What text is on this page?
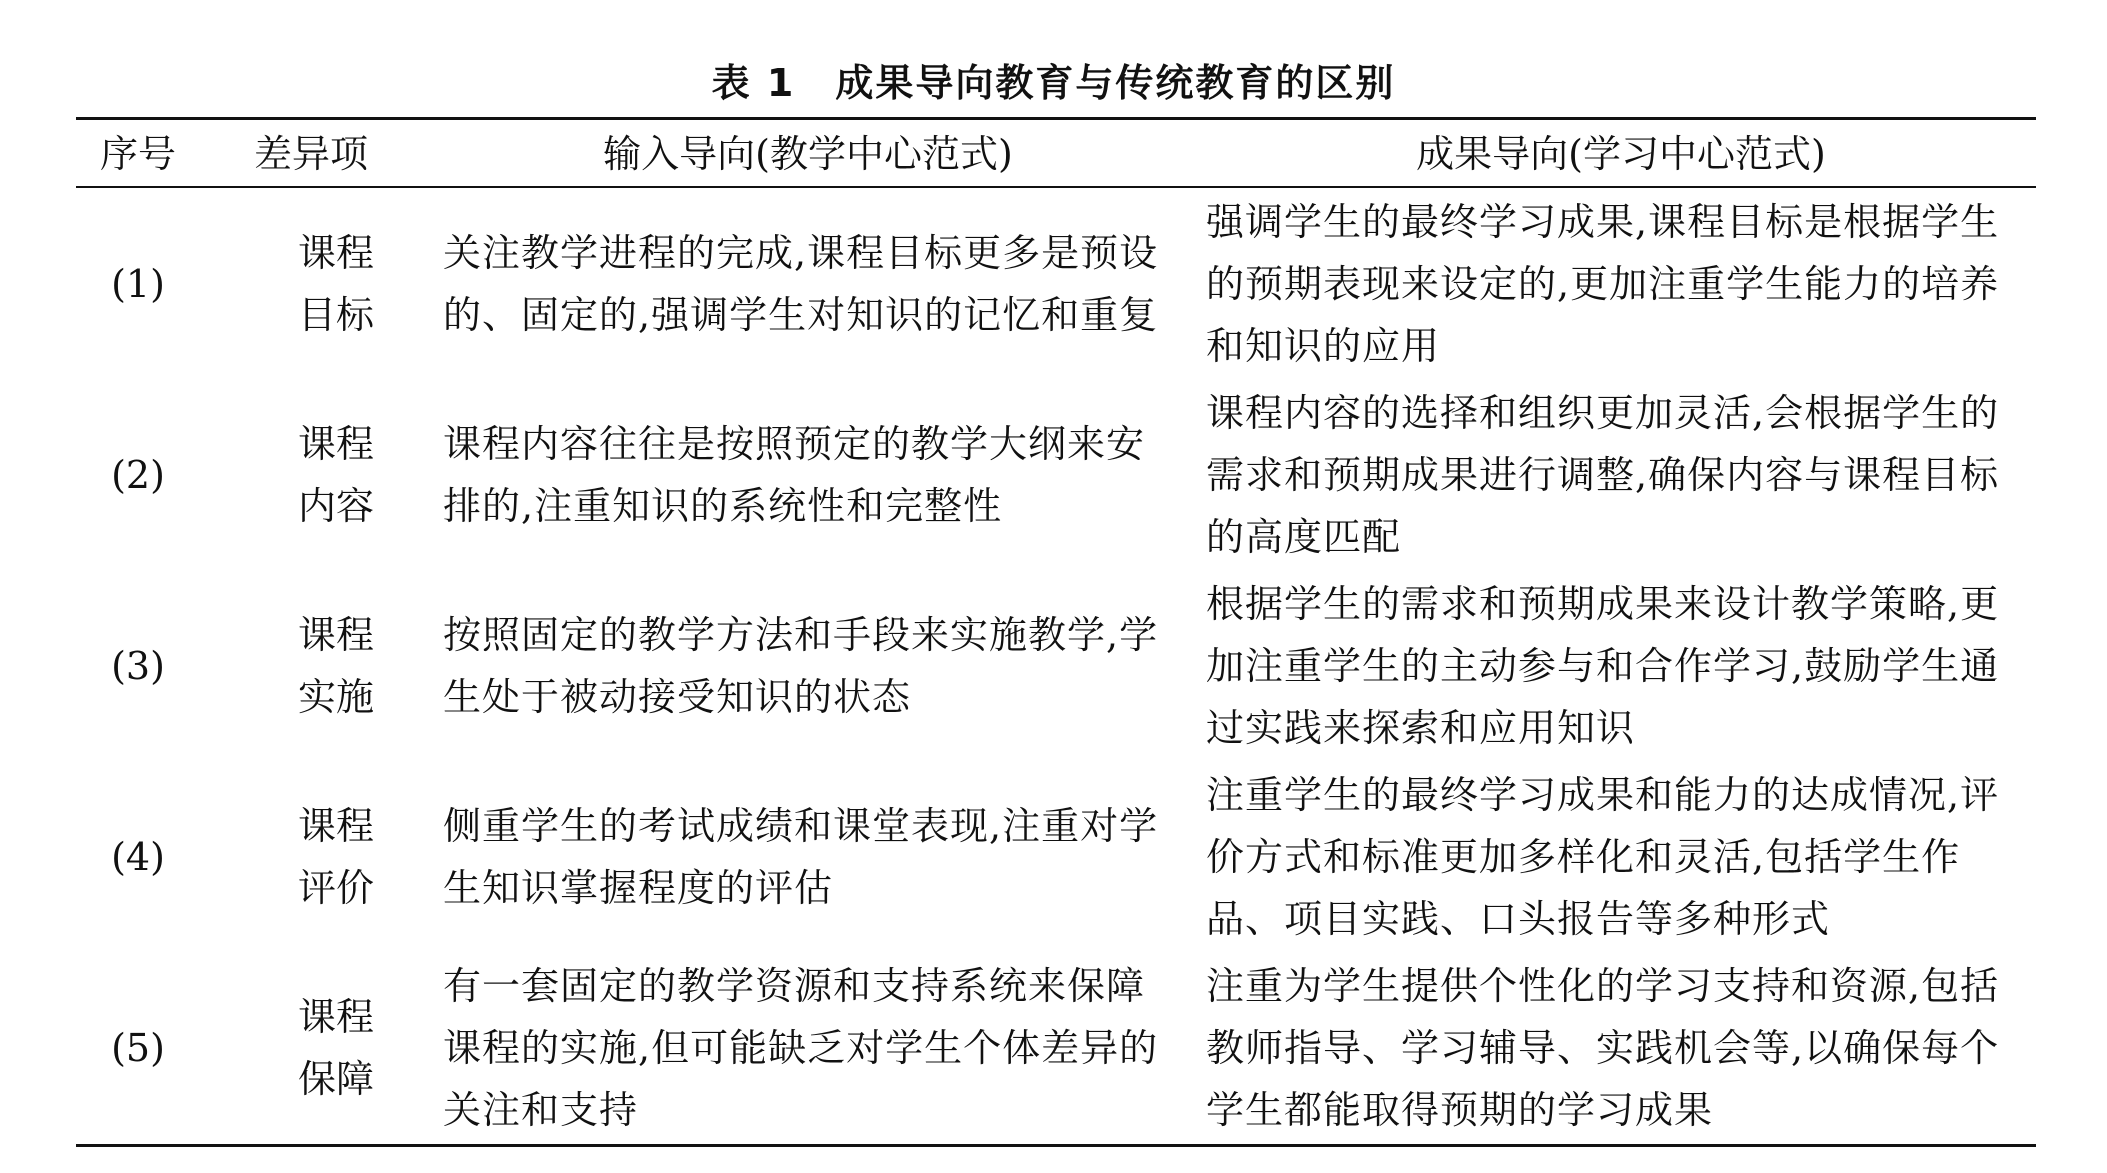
表 1 成果导向教育与传统教育的区别
序号 差异项	输入导向(教学中心范式)	成果导向(学习中心范式)
(1)
课程
目标
关注教学进程的完成,课程目标更多是预设的、固定的,强调学生对知识的记忆和重复
强调学生的最终学习成果,课程目标是根据学生的预期表现来设定的,更加注重学生能力的培养和知识的应用
(2)
课程
内容
课程内容往往是按照预定的教学大纲来安排的,注重知识的系统性和完整性
课程内容的选择和组织更加灵活,会根据学生的需求和预期成果进行调整,确保内容与课程目标的高度匹配
(3)
课程
实施
按照固定的教学方法和手段来实施教学,学生处于被动接受知识的状态
根据学生的需求和预期成果来设计教学策略,更加注重学生的主动参与和合作学习,鼓励学生通过实践来探索和应用知识
(4)
课程
评价
侧重学生的考试成绩和课堂表现,注重对学生知识掌握程度的评估
注重学生的最终学习成果和能力的达成情况,评价方式和标准更加多样化和灵活,包括学生作品、项目实践、口头报告等多种形式
(5)
课程
保障
有一套固定的教学资源和支持系统来保障课程的实施,但可能缺乏对学生个体差异的关注和支持
注重为学生提供个性化的学习支持和资源,包括教师指导、学习辅导、实践机会等,以确保每个学生都能取得预期的学习成果
